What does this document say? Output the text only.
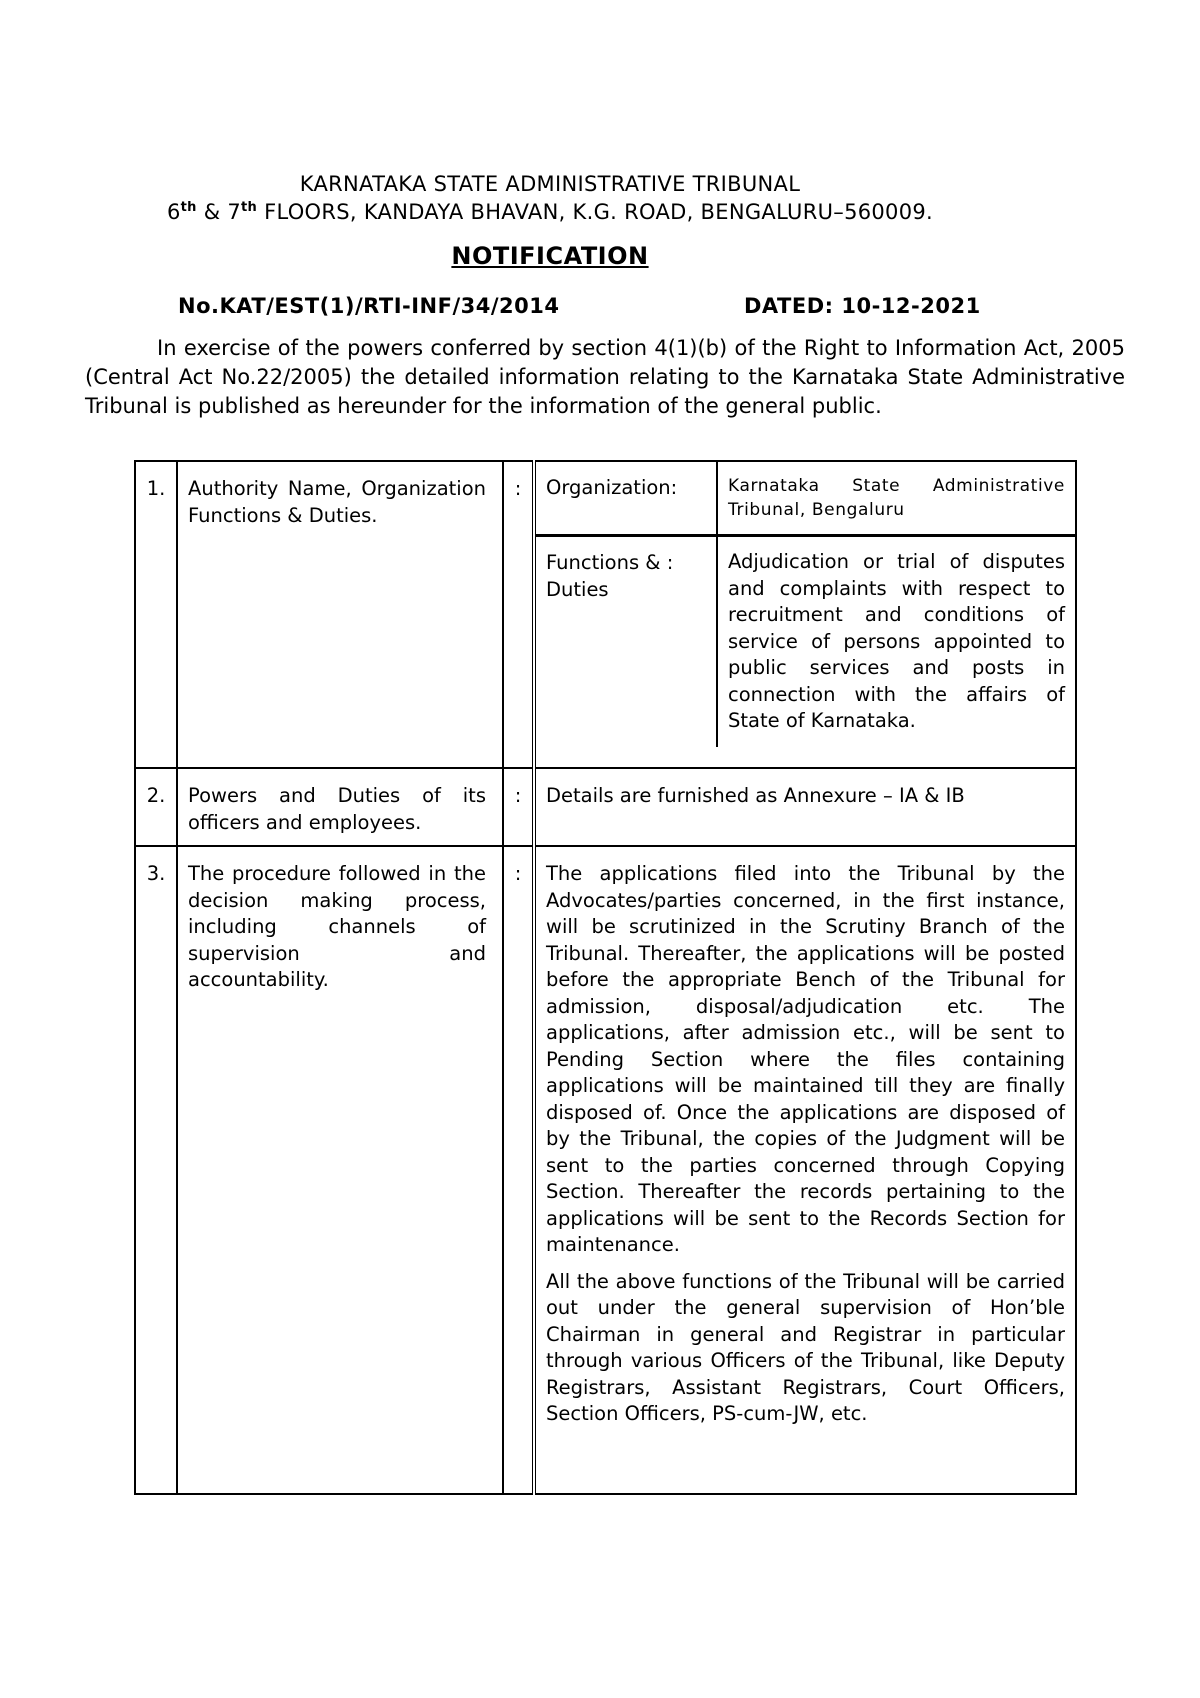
KARNATAKA STATE ADMINISTRATIVE TRIBUNAL
6th & 7th FLOORS, KANDAYA BHAVAN, K.G. ROAD, BENGALURU–560009.
NOTIFICATION
No.KAT/EST(1)/RTI-INF/34/2014	DATED: 10-12-2021
In exercise of the powers conferred by section 4(1)(b) of the Right to Information Act, 2005 (Central Act No.22/2005) the detailed information relating to the Karnataka State Administrative Tribunal is published as hereunder for the information of the general public.
1.	Authority Name, Organization Functions & Duties.	:	Organization:	Karnataka State Administrative Tribunal, Bengaluru
Functions & : Duties	Adjudication or trial of disputes and complaints with respect to recruitment and conditions of service of persons appointed to public services and posts in connection with the affairs of State of Karnataka.

2.	Powers and Duties of its officers and employees.	:	Details are furnished as Annexure – IA & IB

3.	The procedure followed in the decision making process, including channels of supervision and accountability.	:	The applications filed into the Tribunal by the Advocates/parties concerned, in the first instance, will be scrutinized in the Scrutiny Branch of the Tribunal. Thereafter, the applications will be posted before the appropriate Bench of the Tribunal for admission, disposal/adjudication etc. The applications, after admission etc., will be sent to Pending Section where the files containing applications will be maintained till they are finally disposed of. Once the applications are disposed of by the Tribunal, the copies of the Judgment will be sent to the parties concerned through Copying Section. Thereafter the records pertaining to the applications will be sent to the Records Section for maintenance.
All the above functions of the Tribunal will be carried out under the general supervision of Hon’ble Chairman in general and Registrar in particular through various Officers of the Tribunal, like Deputy Registrars, Assistant Registrars, Court Officers, Section Officers, PS-cum-JW, etc.
